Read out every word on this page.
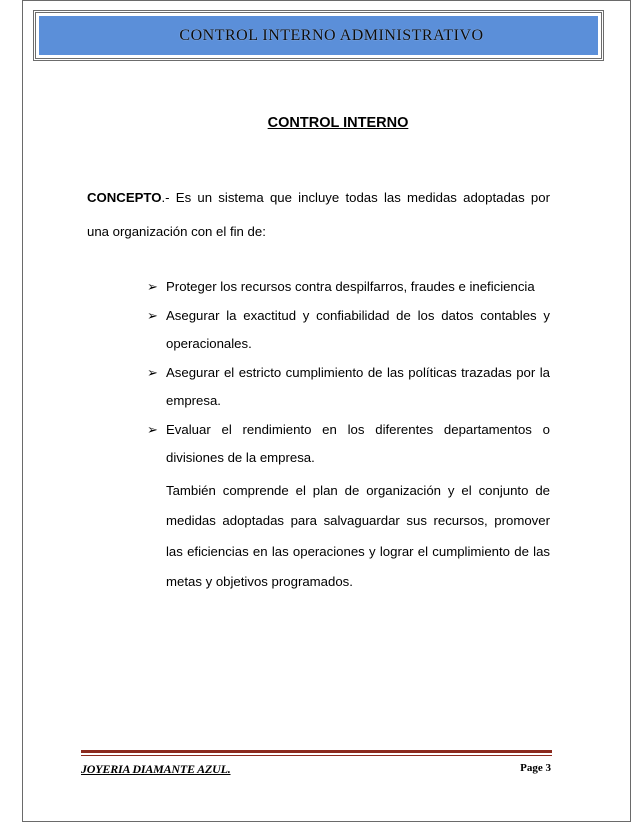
CONTROL INTERNO ADMINISTRATIVO
CONTROL INTERNO
CONCEPTO.- Es un sistema que incluye todas las medidas adoptadas por una organización con el fin de:
➢ Proteger los recursos contra despilfarros, fraudes e ineficiencia
➢ Asegurar la exactitud y confiabilidad de los datos contables y operacionales.
➢ Asegurar el estricto cumplimiento de las políticas trazadas por la empresa.
➢ Evaluar el rendimiento en los diferentes departamentos o divisiones de la empresa.
También comprende el plan de organización y el conjunto de medidas adoptadas para salvaguardar sus recursos, promover las eficiencias en las operaciones y lograr el cumplimiento de las metas y objetivos programados.
JOYERIA DIAMANTE AZUL.	Page 3
